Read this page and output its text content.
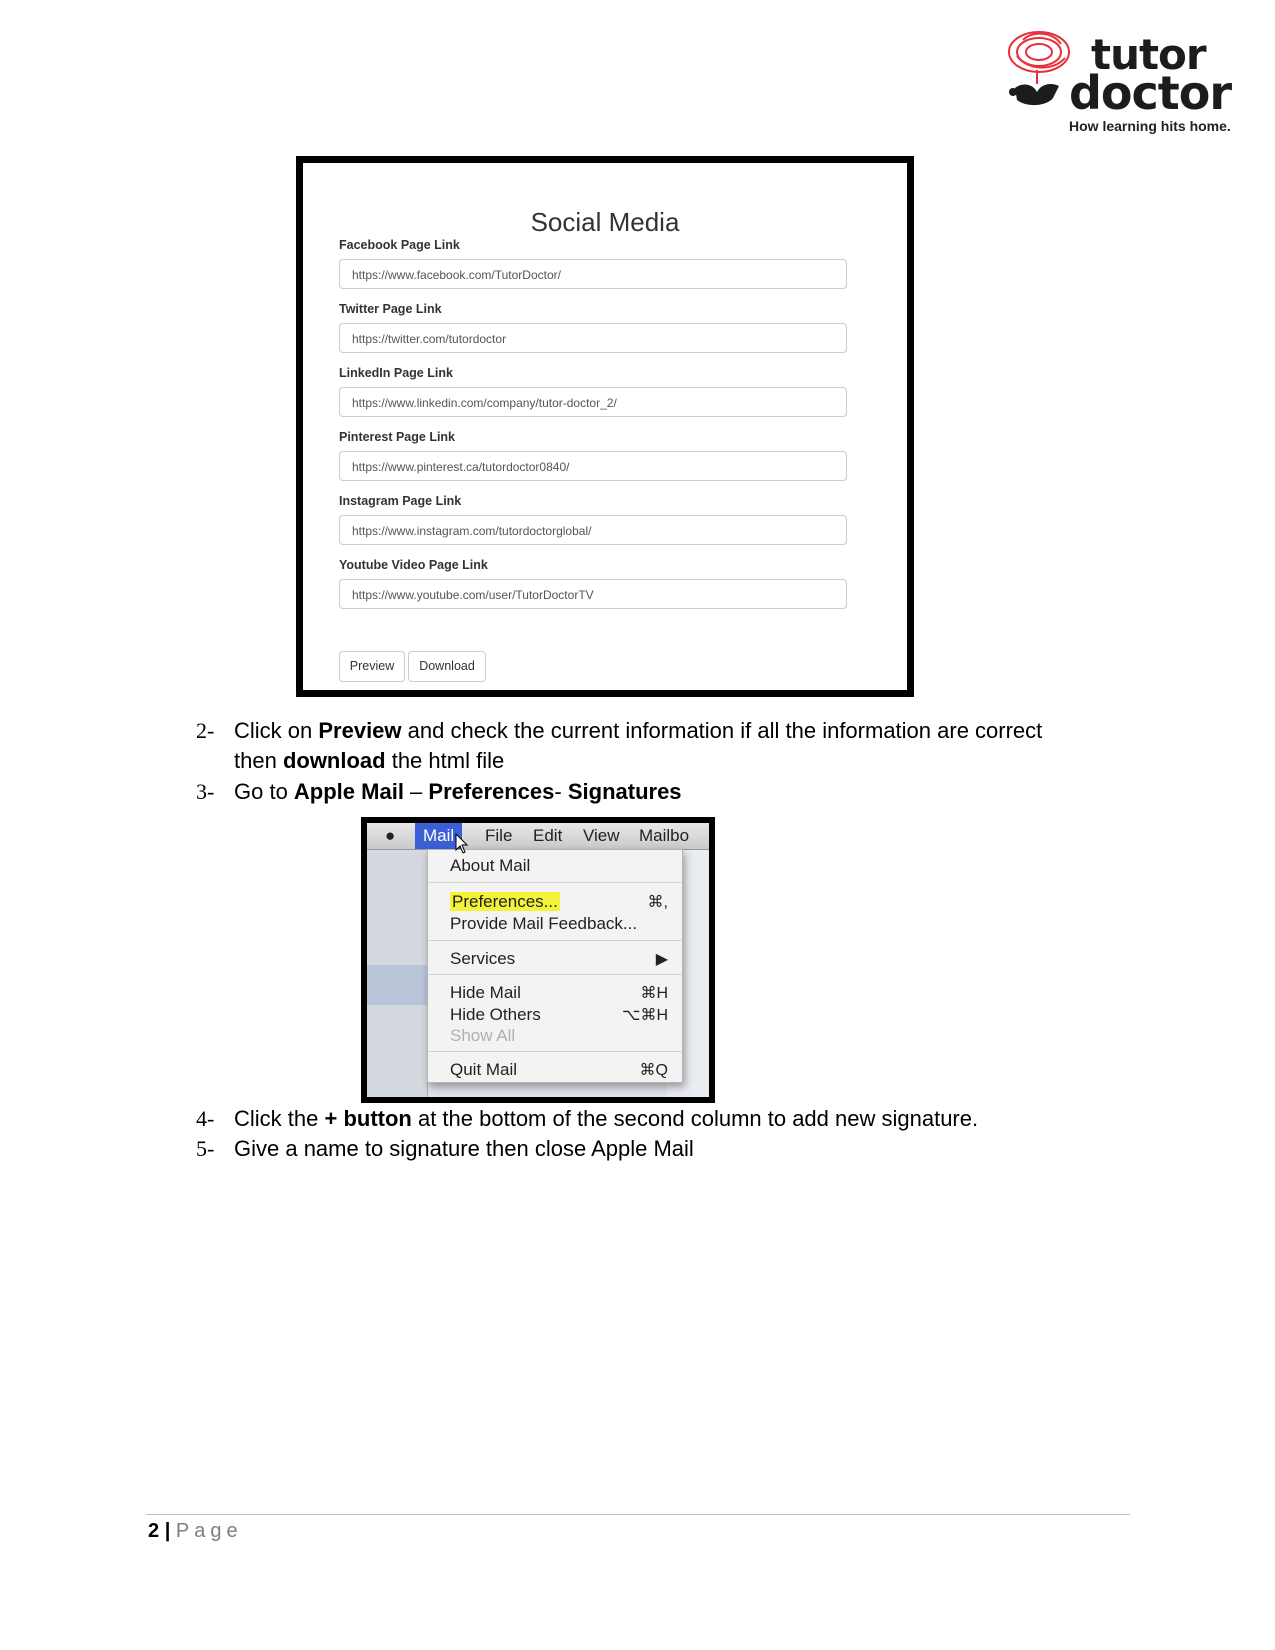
tutor
doctor
How learning hits home.
Social Media
Facebook Page Link
https://www.facebook.com/TutorDoctor/
Twitter Page Link
https://twitter.com/tutordoctor
LinkedIn Page Link
https://www.linkedin.com/company/tutor-doctor_2/
Pinterest Page Link
https://www.pinterest.ca/tutordoctor0840/
Instagram Page Link
https://www.instagram.com/tutordoctorglobal/
Youtube Video Page Link
https://www.youtube.com/user/TutorDoctorTV
Preview	Download
2- Click on Preview and check the current information if all the information are correct
then download the html file
3- Go to Apple Mail – Preferences- Signatures
●	Mail	File Edit View Mailbo
About Mail
Preferences...	⌘,
Provide Mail Feedback...
Services	▶
Hide Mail	⌘H
Hide Others	⌥⌘H
Show All
Quit Mail	⌘Q
4- Click the + button at the bottom of the second column to add new signature.
5- Give a name to signature then close Apple Mail
2 | Page
